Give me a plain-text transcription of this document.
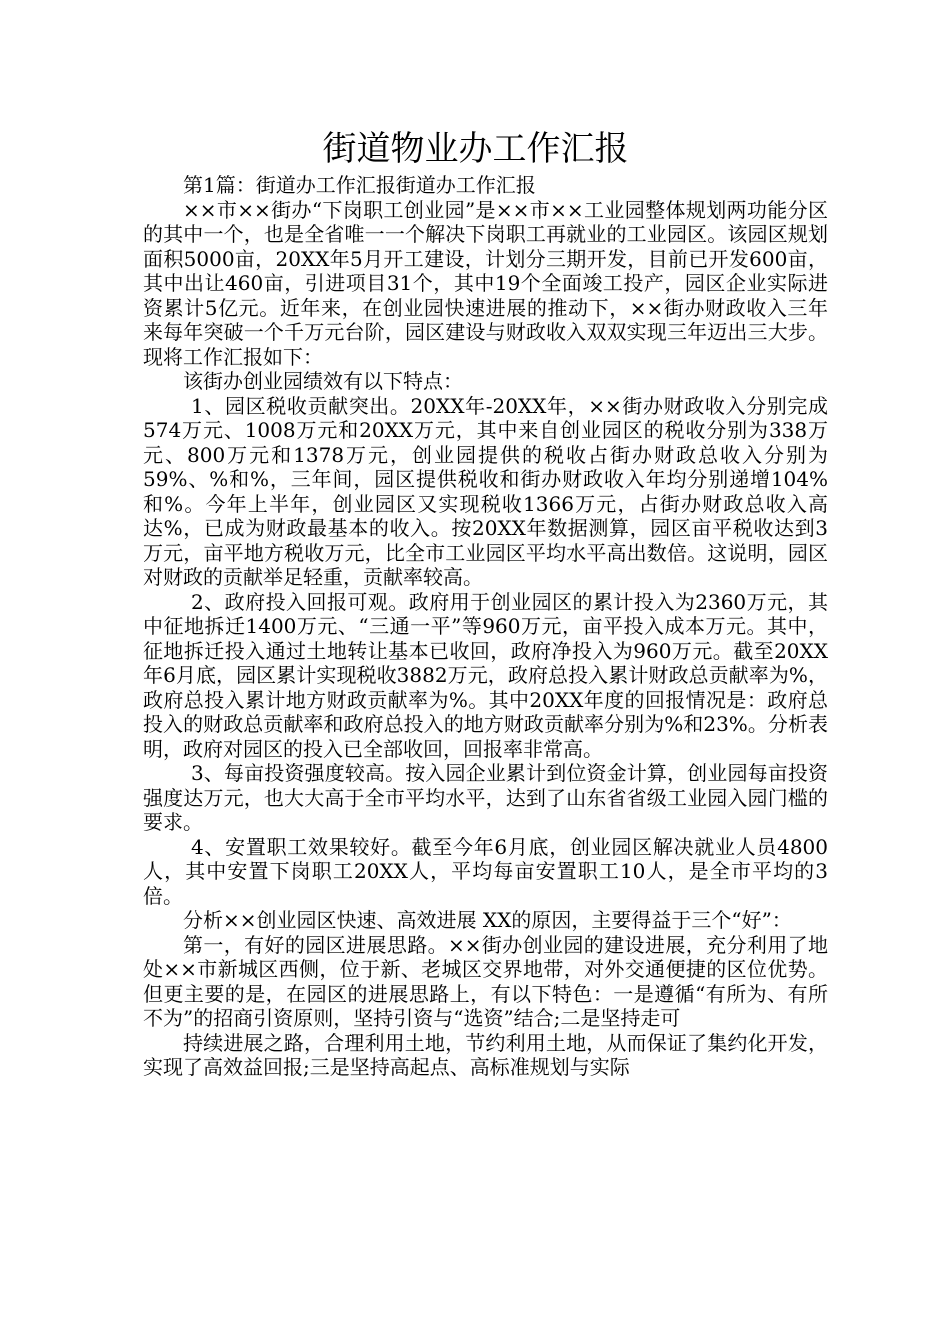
街道物业办工作汇报

第1篇：街道办工作汇报街道办工作汇报

××市××街办“下岗职工创业园”是××市××工业园整体规划两功能分区的其中一个，也是全省唯一一个解决下岗职工再就业的工业园区。该园区规划面积5000亩，20XX年5月开工建设，计划分三期开发，目前已开发600亩，其中出让460亩，引进项目31个，其中19个全面竣工投产，园区企业实际进资累计5亿元。近年来，在创业园快速进展的推动下，××街办财政收入三年来每年突破一个千万元台阶，园区建设与财政收入双双实现三年迈出三大步。现将工作汇报如下：

该街办创业园绩效有以下特点：

1、园区税收贡献突出。20XX年-20XX年，××街办财政收入分别完成574万元、1008万元和20XX万元，其中来自创业园区的税收分别为338万元、800万元和1378万元，创业园提供的税收占街办财政总收入分别为59%、%和%，三年间，园区提供税收和街办财政收入年均分别递增104%和%。今年上半年，创业园区又实现税收1366万元，占街办财政总收入高达%，已成为财政最基本的收入。按20XX年数据测算，园区亩平税收达到3万元，亩平地方税收万元，比全市工业园区平均水平高出数倍。这说明，园区对财政的贡献举足轻重，贡献率较高。

2、政府投入回报可观。政府用于创业园区的累计投入为2360万元，其中征地拆迁1400万元、“三通一平”等960万元，亩平投入成本万元。其中，征地拆迁投入通过土地转让基本已收回，政府净投入为960万元。截至20XX年6月底，园区累计实现税收3882万元，政府总投入累计财政总贡献率为%，政府总投入累计地方财政贡献率为%。其中20XX年度的回报情况是：政府总投入的财政总贡献率和政府总投入的地方财政贡献率分别为%和23%。分析表明，政府对园区的投入已全部收回，回报率非常高。

3、每亩投资强度较高。按入园企业累计到位资金计算，创业园每亩投资强度达万元，也大大高于全市平均水平，达到了山东省省级工业园入园门槛的要求。

4、安置职工效果较好。截至今年6月底，创业园区解决就业人员4800人，其中安置下岗职工20XX人，平均每亩安置职工10人，是全市平均的3倍。

分析××创业园区快速、高效进展 XX的原因，主要得益于三个“好”：

第一，有好的园区进展思路。××街办创业园的建设进展，充分利用了地处××市新城区西侧，位于新、老城区交界地带，对外交通便捷的区位优势。但更主要的是，在园区的进展思路上，有以下特色：一是遵循“有所为、有所不为”的招商引资原则，坚持引资与“选资”结合;二是坚持走可

持续进展之路，合理利用土地，节约利用土地，从而保证了集约化开发，实现了高效益回报;三是坚持高起点、高标准规划与实际
